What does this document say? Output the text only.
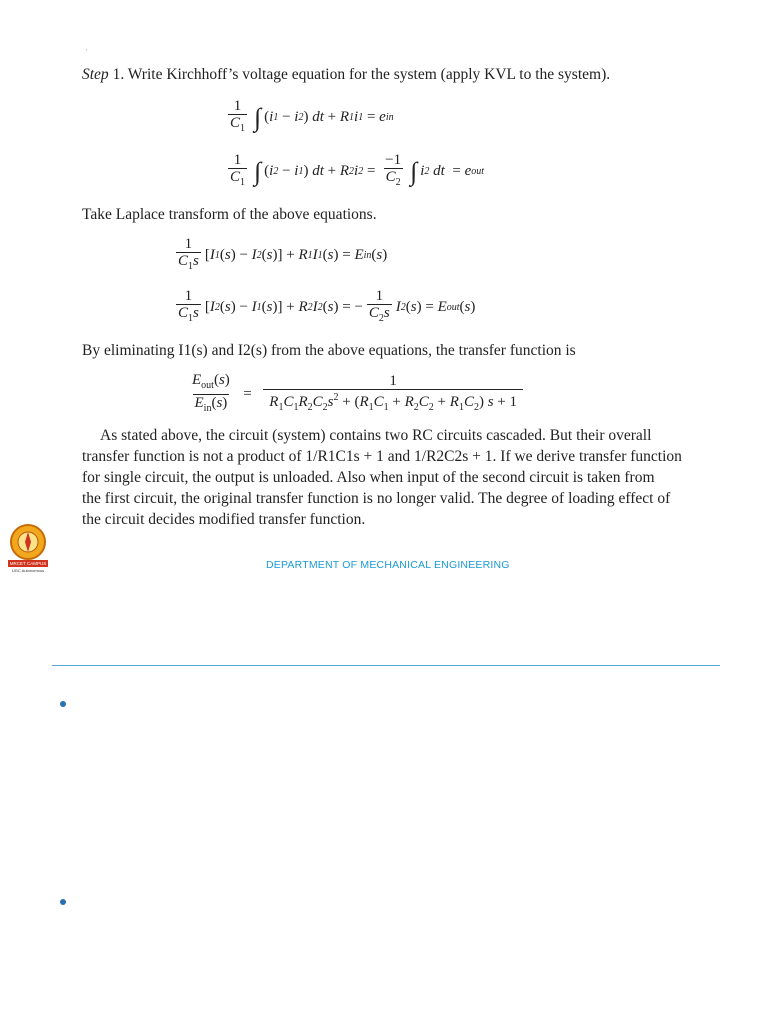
·
Step 1. Write Kirchhoff’s voltage equation for the system (apply KVL to the system).
$\frac{1}{C_1}$ ∫ ( i 1 − i 2 )
dt + R 1 i 1 = e in
$\frac{1}{C_1}$ ∫ ( i 2 − i 1 )
dt + R 2 i $2 = \frac{-1}{C_2}$ ∫ i 2
dt = e out
Take Laplace transform of the above equations.
$\frac{1}{C_1s}$ [ I 1 ( s ) − I 2 ( s )] + R 1 I 1 ( s ) = E in ( s )
$\frac{1}{C_1s}$ [ I 2 ( s ) − I 1 ( s )] + R 2 I 2 ( s ) = − $\frac{1}{C_2s}$ I 2 ( s ) = E out ( s )
By eliminating I1(s) and I2(s) from the above equations, the transfer function is
$\frac{E_{out}(s)}{E_{in}(s)} = \frac{1}{R_1C_1R_2C_2s^2 + (R_1C_1 + R_2C_2 + R_1C_2) s + 1}$
As stated above, the circuit (system) contains two RC circuits cascaded. But their overall
transfer function is not a product of 1/R1C1s + 1 and 1/R2C2s + 1. If we derive transfer function
for single circuit, the output is unloaded. Also when input of the second circuit is taken from
the first circuit, the original transfer function is no longer valid. The degree of loading effect of
the circuit decides modified transfer function.
MRCET CAMPUS
UGC Autonomous	DEPARTMENT OF MECHANICAL ENGINEERING
